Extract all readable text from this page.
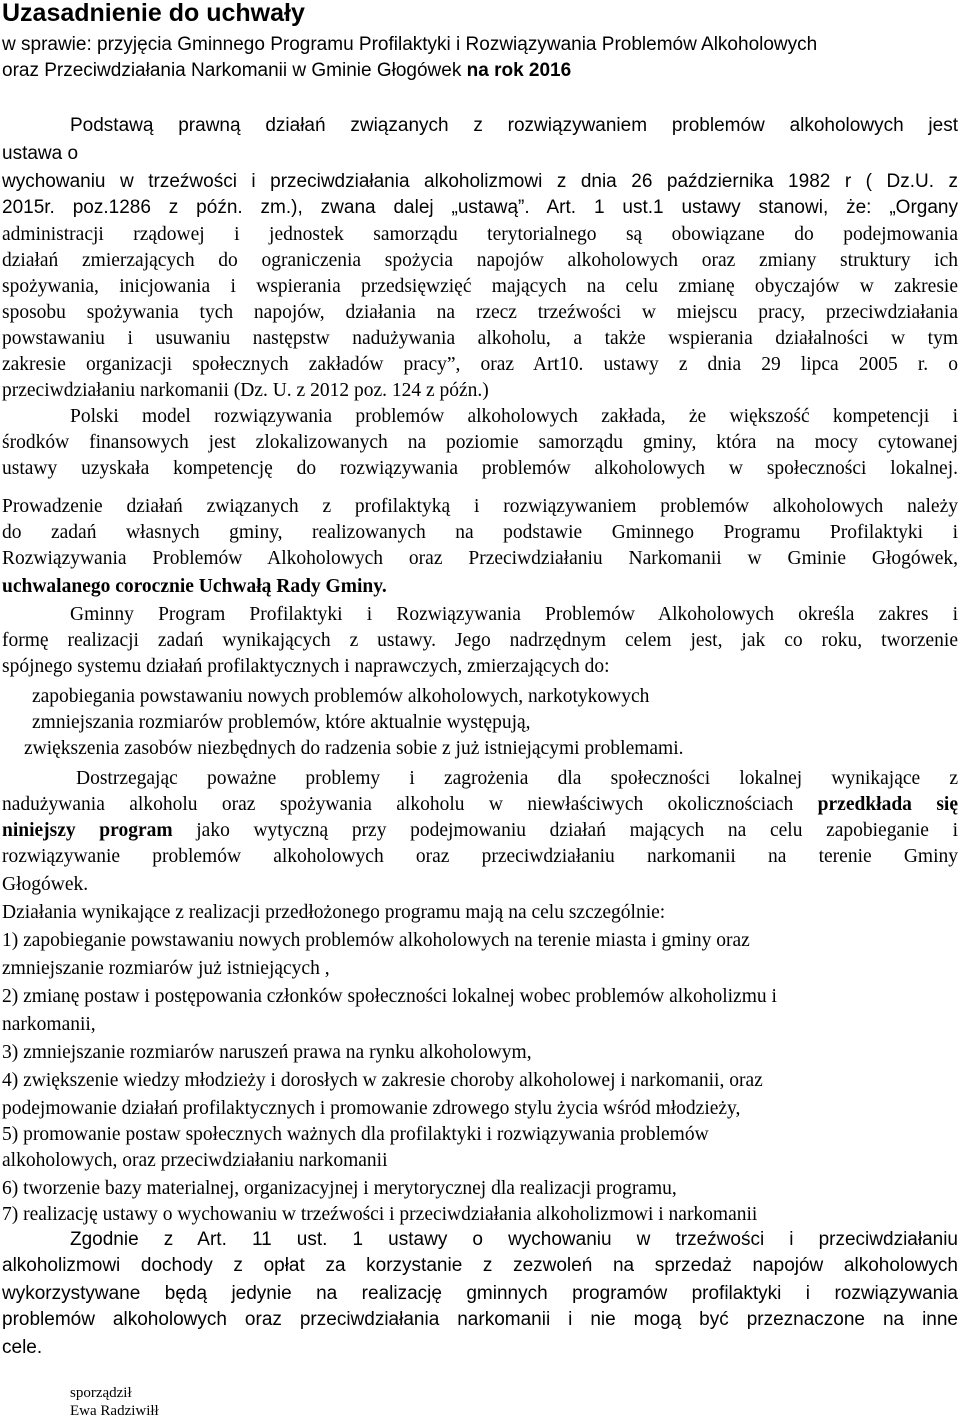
Uzasadnienie do uchwały
w sprawie: przyjęcia Gminnego Programu Profilaktyki i Rozwiązywania Problemów Alkoholowych
oraz Przeciwdziałania Narkomanii w Gminie Głogówek na rok 2016
Podstawą prawną działań związanych z rozwiązywaniem problemów alkoholowych jest
ustawa o
wychowaniu w trzeźwości i przeciwdziałania alkoholizmowi z dnia 26 października 1982 r ( Dz.U. z
2015r. poz.1286 z późn. zm.), zwana dalej „ustawą”. Art. 1 ust.1 ustawy stanowi, że: „Organy
administracji rządowej i jednostek samorządu terytorialnego są obowiązane do podejmowania
działań zmierzających do ograniczenia spożycia napojów alkoholowych oraz zmiany struktury ich
spożywania, inicjowania i wspierania przedsięwzięć mających na celu zmianę obyczajów w zakresie
sposobu spożywania tych napojów, działania na rzecz trzeźwości w miejscu pracy, przeciwdziałania
powstawaniu i usuwaniu następstw nadużywania alkoholu, a także wspierania działalności w tym
zakresie organizacji społecznych zakładów pracy”, oraz Art10. ustawy z dnia 29 lipca 2005 r. o
przeciwdziałaniu narkomanii (Dz. U. z 2012 poz. 124 z późn.)
Polski model rozwiązywania problemów alkoholowych zakłada, że większość kompetencji i
środków finansowych jest zlokalizowanych na poziomie samorządu gminy, która na mocy cytowanej
ustawy uzyskała kompetencję do rozwiązywania problemów alkoholowych w społeczności lokalnej.
Prowadzenie działań związanych z profilaktyką i rozwiązywaniem problemów alkoholowych należy
do zadań własnych gminy, realizowanych na podstawie Gminnego Programu Profilaktyki i
Rozwiązywania Problemów Alkoholowych oraz Przeciwdziałaniu Narkomanii w Gminie Głogówek,
uchwalanego corocznie Uchwałą Rady Gminy.
Gminny Program Profilaktyki i Rozwiązywania Problemów Alkoholowych określa zakres i
formę realizacji zadań wynikających z ustawy. Jego nadrzędnym celem jest, jak co roku, tworzenie
spójnego systemu działań profilaktycznych i naprawczych, zmierzających do:
zapobiegania powstawaniu nowych problemów alkoholowych, narkotykowych
zmniejszania rozmiarów problemów, które aktualnie występują,
zwiększenia zasobów niezbędnych do radzenia sobie z już istniejącymi problemami.
Dostrzegając poważne problemy i zagrożenia dla społeczności lokalnej wynikające z
nadużywania alkoholu oraz spożywania alkoholu w niewłaściwych okolicznościach przedkłada się
niniejszy program jako wytyczną przy podejmowaniu działań mających na celu zapobieganie i
rozwiązywanie problemów alkoholowych oraz przeciwdziałaniu narkomanii na terenie Gminy
Głogówek.
Działania wynikające z realizacji przedłożonego programu mają na celu szczególnie:
1) zapobieganie powstawaniu nowych problemów alkoholowych na terenie miasta i gminy oraz
zmniejszanie rozmiarów już istniejących ,
2) zmianę postaw i postępowania członków społeczności lokalnej wobec problemów alkoholizmu i
narkomanii,
3) zmniejszanie rozmiarów naruszeń prawa na rynku alkoholowym,
4) zwiększenie wiedzy młodzieży i dorosłych w zakresie choroby alkoholowej i narkomanii, oraz
podejmowanie działań profilaktycznych i promowanie zdrowego stylu życia wśród młodzieży,
5) promowanie postaw społecznych ważnych dla profilaktyki i rozwiązywania problemów
alkoholowych, oraz przeciwdziałaniu narkomanii
6) tworzenie bazy materialnej, organizacyjnej i merytorycznej dla realizacji programu,
7) realizację ustawy o wychowaniu w trzeźwości i przeciwdziałania alkoholizmowi i narkomanii
Zgodnie z Art. 11 ust. 1 ustawy o wychowaniu w trzeźwości i przeciwdziałaniu
alkoholizmowi dochody z opłat za korzystanie z zezwoleń na sprzedaż napojów alkoholowych
wykorzystywane będą jedynie na realizację gminnych programów profilaktyki i rozwiązywania
problemów alkoholowych oraz przeciwdziałania narkomanii i nie mogą być przeznaczone na inne
cele.
sporządził
Ewa Radziwiłł
